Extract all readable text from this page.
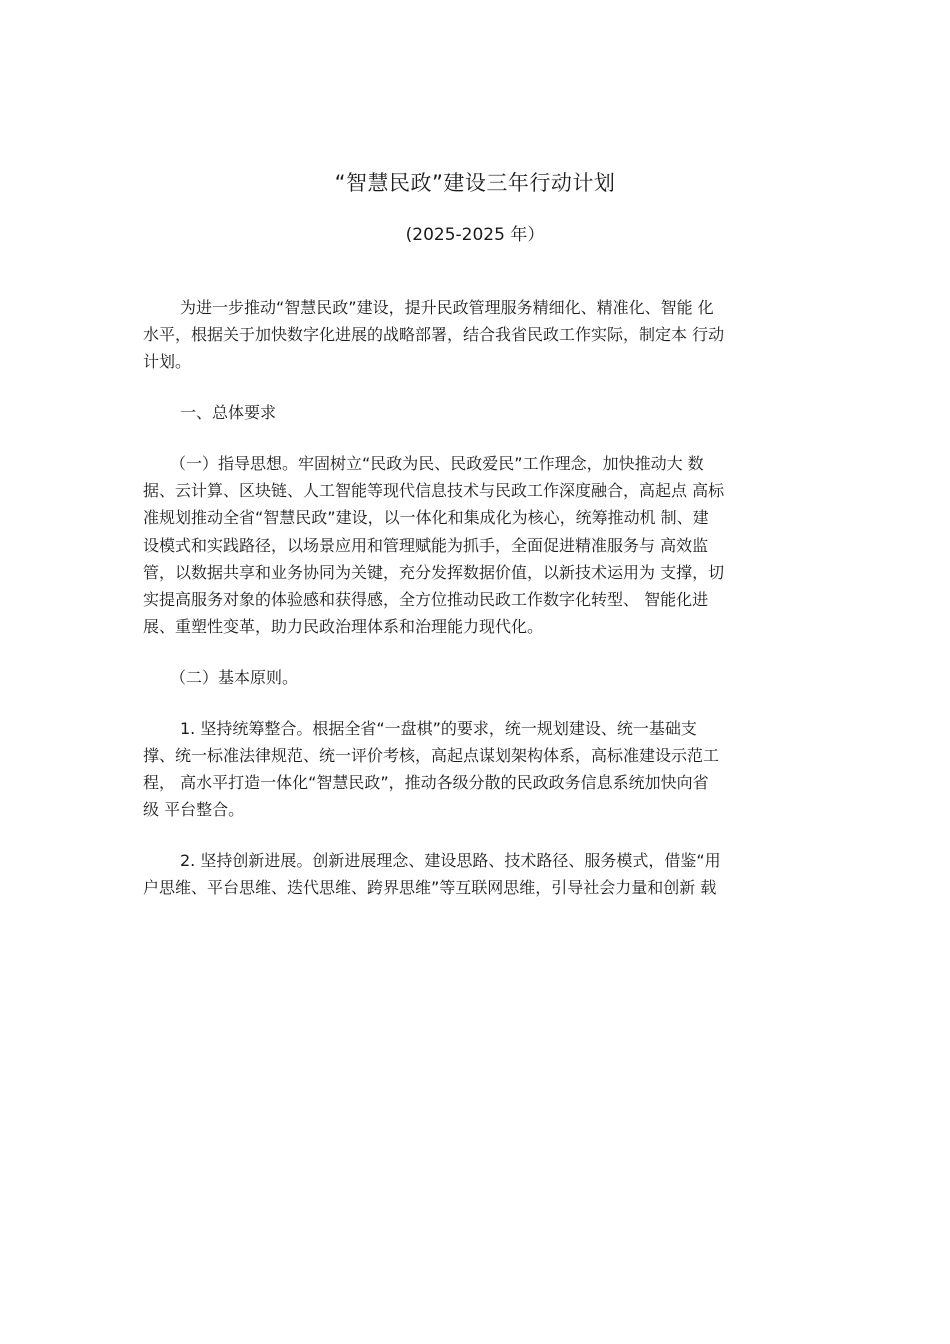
“智慧民政”建设三年行动计划
(2025-2025 年）
为进一步推动“智慧民政”建设，提升民政管理服务精细化、精准化、智能 化
水平，根据关于加快数字化进展的战略部署，结合我省民政工作实际，制定本 行动
计划。
一、总体要求
（一）指导思想。牢固树立“民政为民、民政爱民”工作理念，加快推动大 数
据、云计算、区块链、人工智能等现代信息技术与民政工作深度融合，高起点 高标
准规划推动全省“智慧民政”建设，以一体化和集成化为核心，统筹推动机 制、建
设模式和实践路径，以场景应用和管理赋能为抓手，全面促进精准服务与 高效监
管，以数据共享和业务协同为关键，充分发挥数据价值，以新技术运用为 支撑，切
实提高服务对象的体验感和获得感，全方位推动民政工作数字化转型、 智能化进
展、重塑性变革，助力民政治理体系和治理能力现代化。
（二）基本原则。
1. 坚持统筹整合。根据全省“一盘棋”的要求，统一规划建设、统一基础支
撑、统一标准法律规范、统一评价考核，高起点谋划架构体系，高标准建设示范工
程， 高水平打造一体化“智慧民政”，推动各级分散的民政政务信息系统加快向省
级 平台整合。
2. 坚持创新进展。创新进展理念、建设思路、技术路径、服务模式，借鉴“用
户思维、平台思维、迭代思维、跨界思维”等互联网思维，引导社会力量和创新 载
